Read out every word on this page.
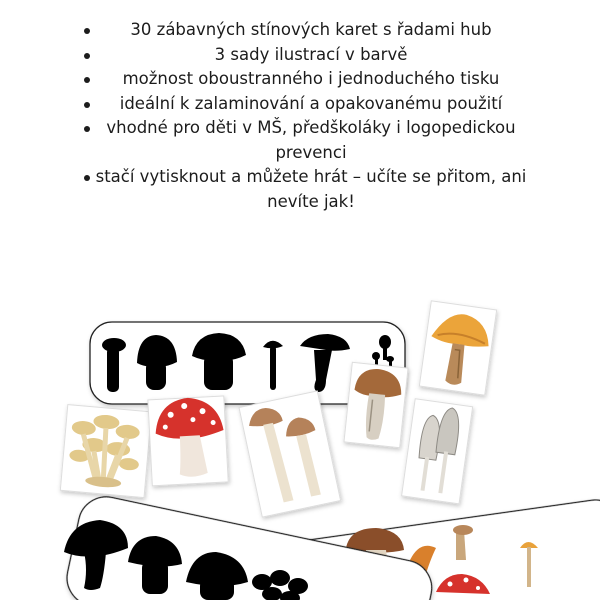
30 zábavných stínových karet s řadami hub
3 sady ilustrací v barvě
možnost oboustranného i jednoduchého tisku
ideální k zalaminování a opakovanému použití
vhodné pro děti v MŠ, předškoláky i logopedickou prevenci
stačí vytisknout a můžete hrát – učíte se přitom, ani nevíte jak!
